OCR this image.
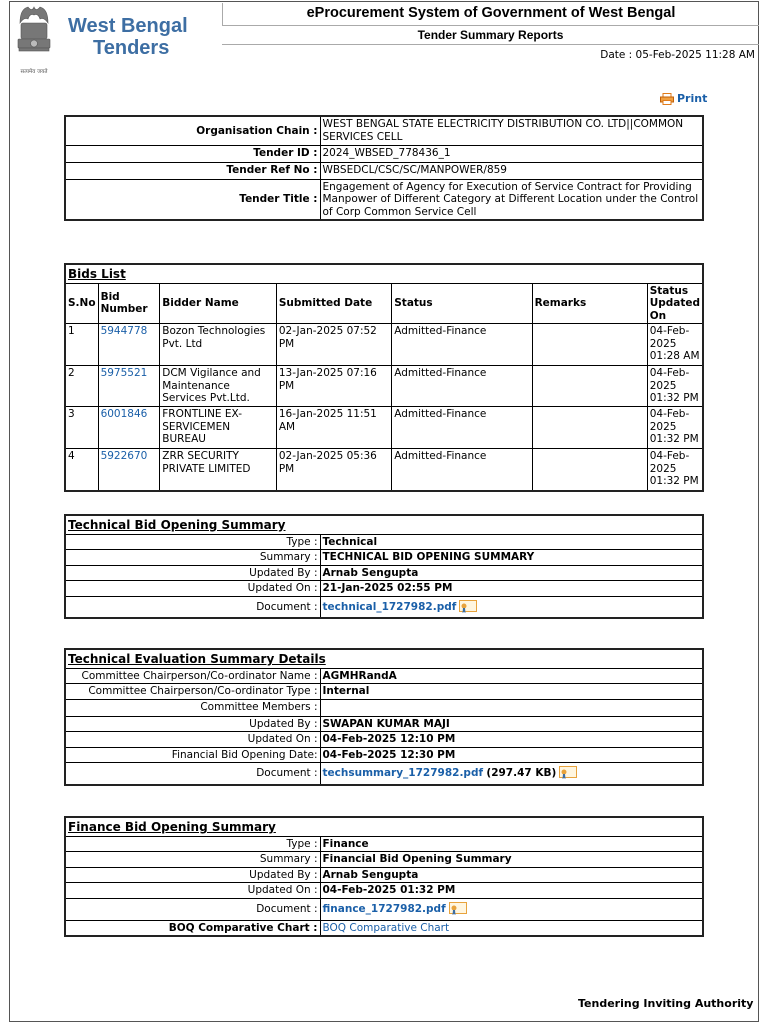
सत्यमेव जयते
West Bengal
Tenders
eProcurement System of Government of West Bengal
Tender Summary Reports
Date : 05-Feb-2025 11:28 AM
Print
Organisation Chain :	WEST BENGAL STATE ELECTRICITY DISTRIBUTION CO. LTD||COMMON SERVICES CELL
Tender ID :	2024_WBSED_778436_1
Tender Ref No :	WBSEDCL/CSC/SC/MANPOWER/859
Tender Title :	Engagement of Agency for Execution of Service Contract for Providing Manpower of Different Category at Different Location under the Control of Corp Common Service Cell
Bids List						
S.No	Bid Number	Bidder Name	Submitted Date	Status	Remarks	Status Updated On
1	5944778	Bozon Technologies Pvt. Ltd	02-Jan-2025 07:52 PM	Admitted-Finance		04-Feb-2025 01:28 AM
2	5975521	DCM Vigilance and Maintenance Services Pvt.Ltd.	13-Jan-2025 07:16 PM	Admitted-Finance		04-Feb-2025 01:32 PM
3	6001846	FRONTLINE EX-SERVICEMEN BUREAU	16-Jan-2025 11:51 AM	Admitted-Finance		04-Feb-2025 01:32 PM
4	5922670	ZRR SECURITY PRIVATE LIMITED	02-Jan-2025 05:36 PM	Admitted-Finance		04-Feb-2025 01:32 PM
Technical Bid Opening Summary	
Type :	Technical
Summary :	TECHNICAL BID OPENING SUMMARY
Updated By :	Arnab Sengupta
Updated On :	21-Jan-2025 02:55 PM
Document :	technical_1727982.pdf
Technical Evaluation Summary Details	
Committee Chairperson/Co-ordinator Name :	AGMHRandA
Committee Chairperson/Co-ordinator Type :	Internal
Committee Members :	
Updated By :	SWAPAN KUMAR MAJI
Updated On :	04-Feb-2025 12:10 PM
Financial Bid Opening Date:	04-Feb-2025 12:30 PM
Document :	techsummary_1727982.pdf (297.47 KB)
Finance Bid Opening Summary	
Type :	Finance
Summary :	Financial Bid Opening Summary
Updated By :	Arnab Sengupta
Updated On :	04-Feb-2025 01:32 PM
Document :	finance_1727982.pdf
BOQ Comparative Chart :	BOQ Comparative Chart
Tendering Inviting Authority
